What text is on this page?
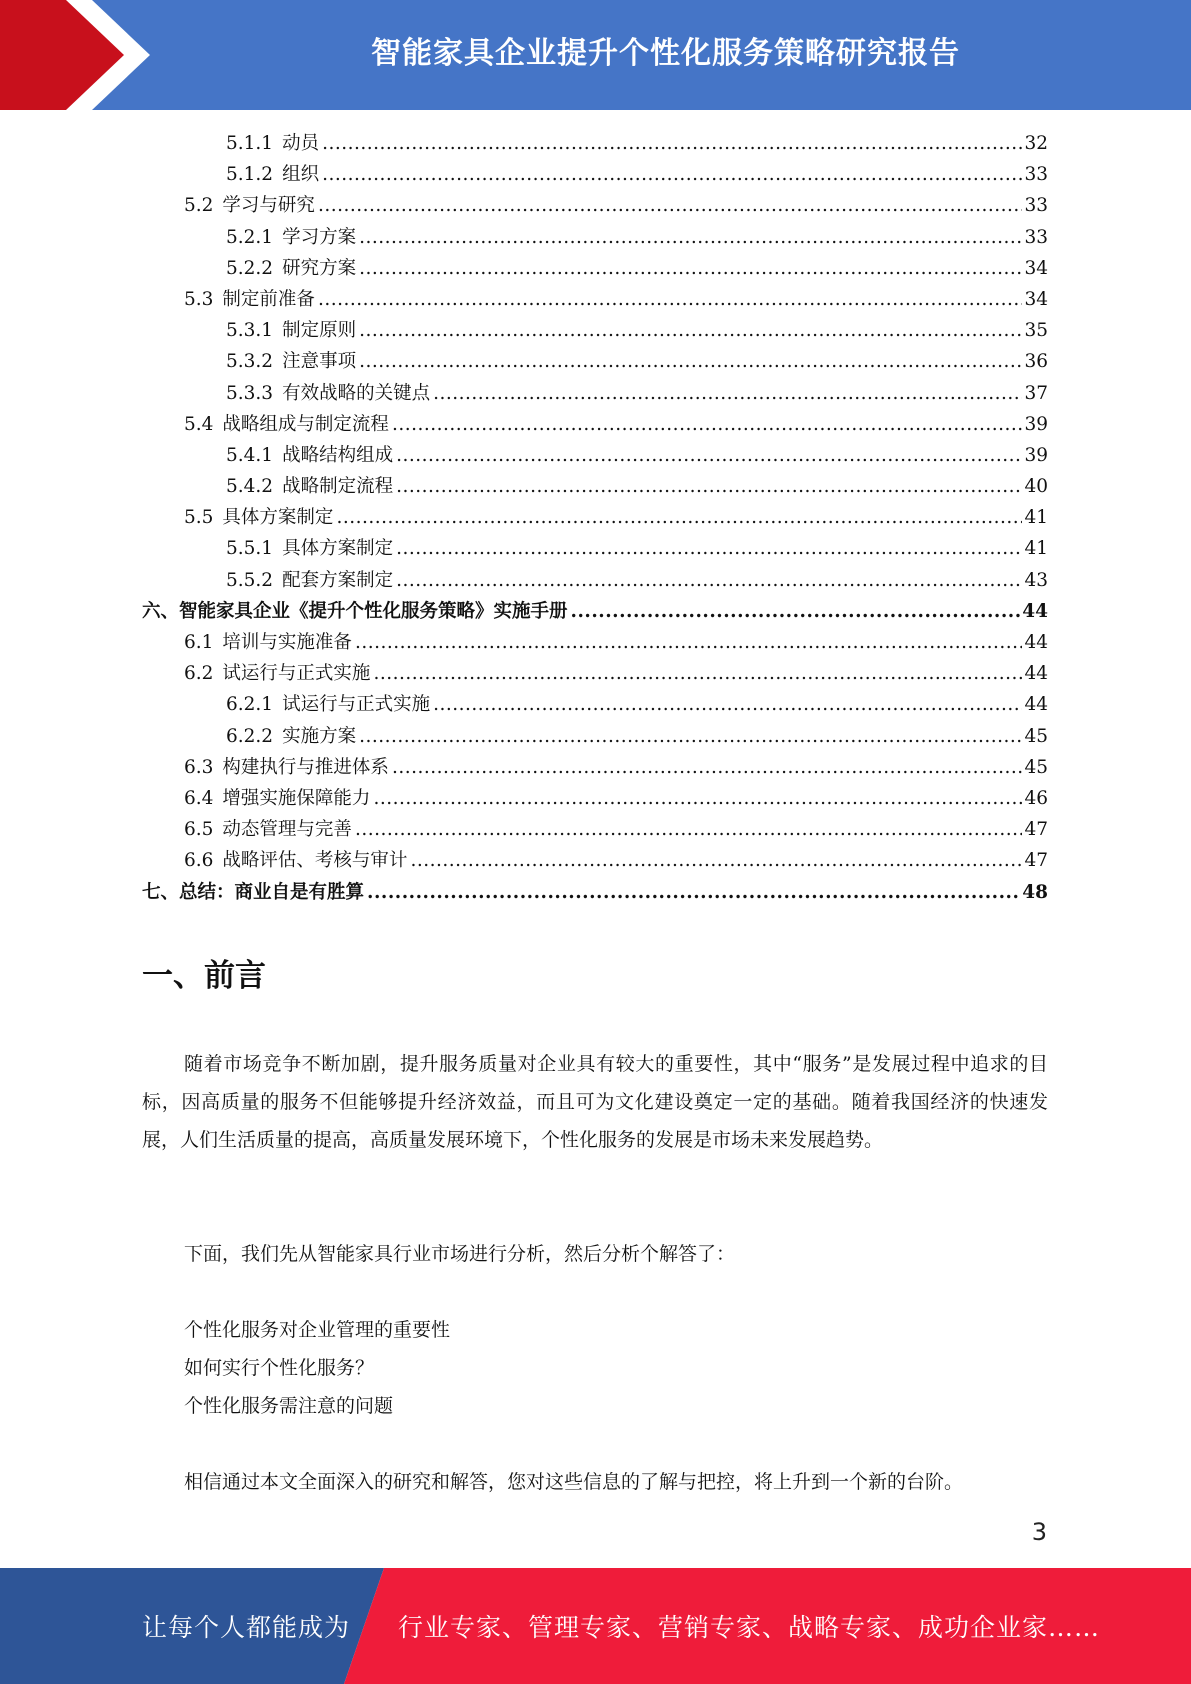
智能家具企业提升个性化服务策略研究报告
5.1.1 动员 .....	32
5.1.2 组织 .....	33
5.2 学习与研究 .....	33
5.2.1 学习方案 .....	33
5.2.2 研究方案 .....	34
5.3 制定前准备 .....	34
5.3.1 制定原则 .....	35
5.3.2 注意事项 .....	36
5.3.3 有效战略的关键点 .....	37
5.4 战略组成与制定流程 .....	39
5.4.1 战略结构组成 .....	39
5.4.2 战略制定流程 .....	40
5.5 具体方案制定 .....	41
5.5.1 具体方案制定 .....	41
5.5.2 配套方案制定 .....	43
六、智能家具企业《提升个性化服务策略》实施手册 .....	44
6.1 培训与实施准备 .....	44
6.2 试运行与正式实施 .....	44
6.2.1 试运行与正式实施 .....	44
6.2.2 实施方案 .....	45
6.3 构建执行与推进体系 .....	45
6.4 增强实施保障能力 .....	46
6.5 动态管理与完善 .....	47
6.6 战略评估、考核与审计 .....	47
七、总结：商业自是有胜算 .....	48
一、前言

随着市场竞争不断加剧，提升服务质量对企业具有较大的重要性，其中“服务”是发展过程中追求的目标，因高质量的服务不但能够提升经济效益，而且可为文化建设奠定一定的基础。随着我国经济的快速发展，人们生活质量的提高，高质量发展环境下，个性化服务的发展是市场未来发展趋势。

下面，我们先从智能家具行业市场进行分析，然后分析个解答了：

个性化服务对企业管理的重要性
如何实行个性化服务？
个性化服务需注意的问题

相信通过本文全面深入的研究和解答，您对这些信息的了解与把控，将上升到一个新的台阶。

3
让每个人都能成为 行业专家、管理专家、营销专家、战略专家、成功企业家……
